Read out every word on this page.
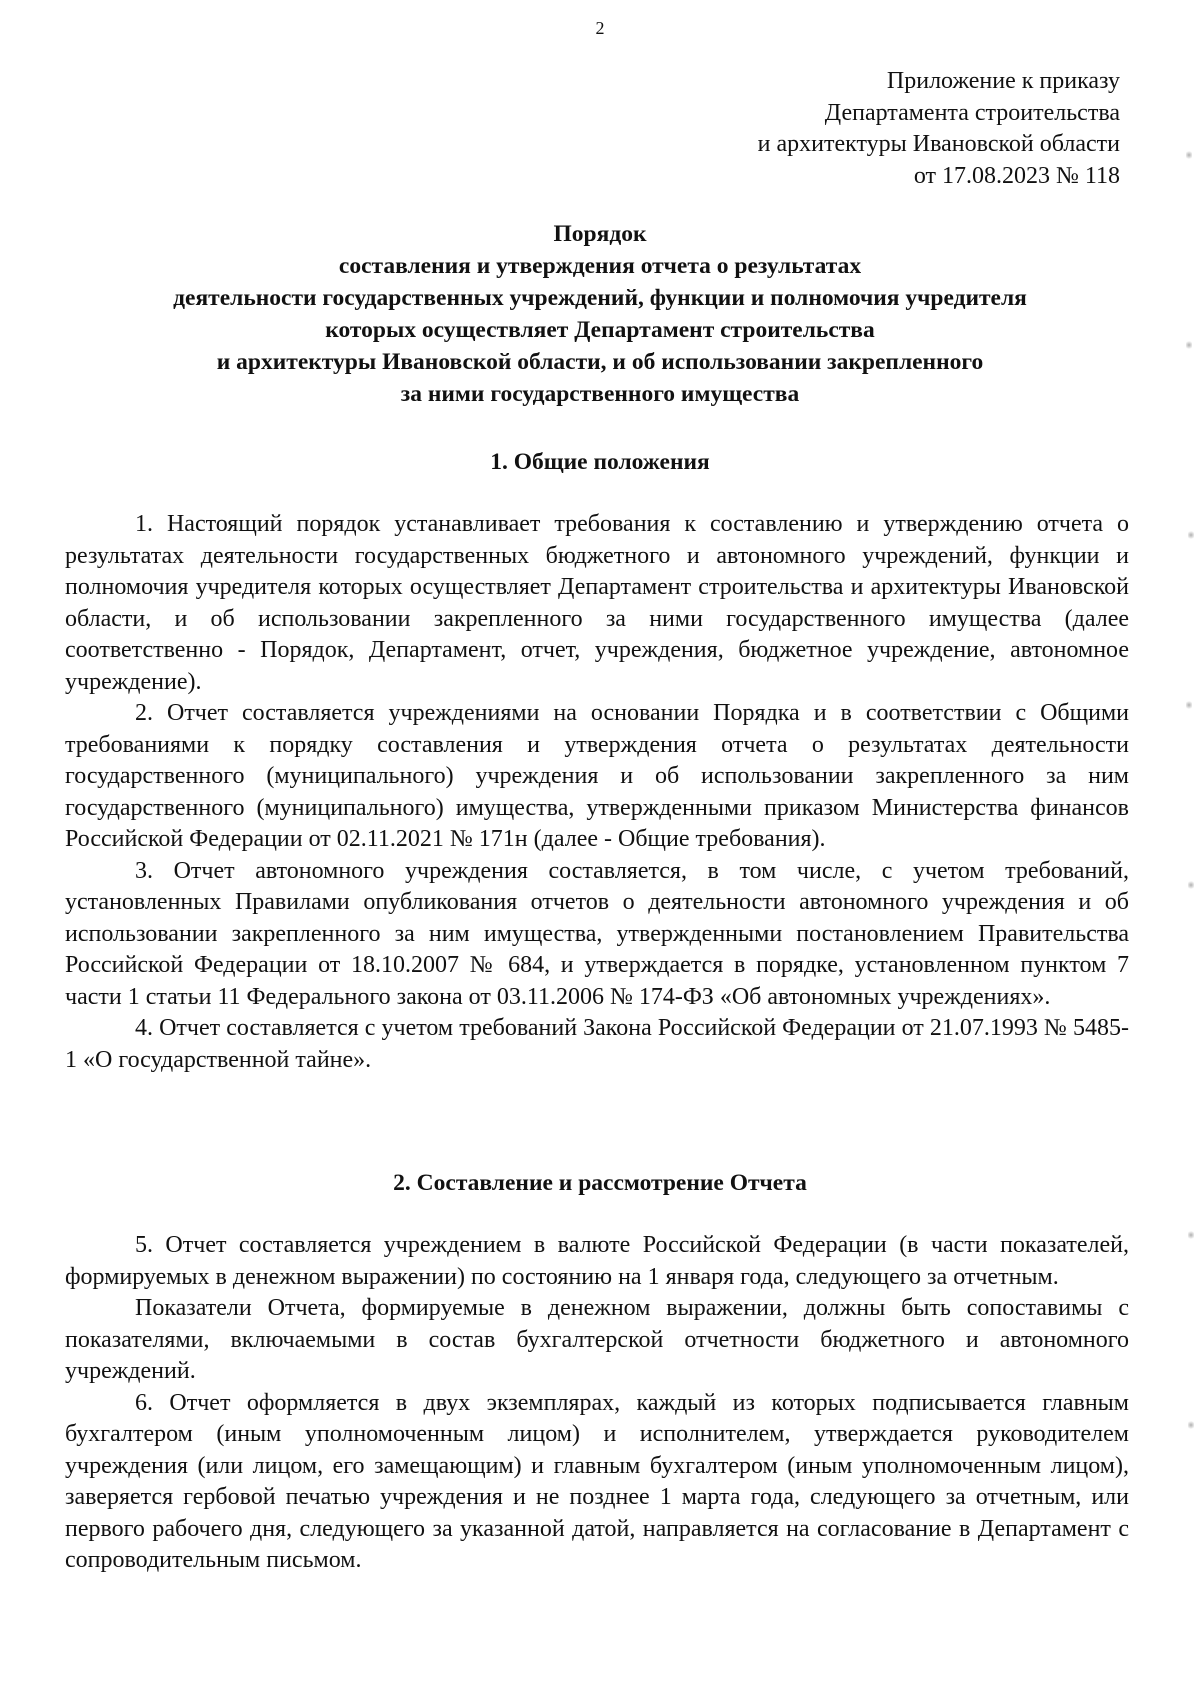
2
Приложение к приказу
Департамента строительства
и архитектуры Ивановской области
от 17.08.2023 № 118
Порядок
составления и утверждения отчета о результатах
деятельности государственных учреждений, функции и полномочия учредителя
которых осуществляет Департамент строительства
и архитектуры Ивановской области, и об использовании закрепленного
за ними государственного имущества
1. Общие положения

1. Настоящий порядок устанавливает требования к составлению и утверждению отчета о результатах деятельности государственных бюджетного и автономного учреждений, функции и полномочия учредителя которых осуществляет Департамент строительства и архитектуры Ивановской области, и об использовании закрепленного за ними государственного имущества (далее соответственно - Порядок, Департамент, отчет, учреждения, бюджетное учреждение, автономное учреждение).

2. Отчет составляется учреждениями на основании Порядка и в соответствии с Общими требованиями к порядку составления и утверждения отчета о результатах деятельности государственного (муниципального) учреждения и об использовании закрепленного за ним государственного (муниципального) имущества, утвержденными приказом Министерства финансов Российской Федерации от 02.11.2021 № 171н (далее - Общие требования).

3. Отчет автономного учреждения составляется, в том числе, с учетом требований, установленных Правилами опубликования отчетов о деятельности автономного учреждения и об использовании закрепленного за ним имущества, утвержденными постановлением Правительства Российской Федерации от 18.10.2007 № 684, и утверждается в порядке, установленном пунктом 7 части 1 статьи 11 Федерального закона от 03.11.2006 № 174-ФЗ «Об автономных учреждениях».

4. Отчет составляется с учетом требований Закона Российской Федерации от 21.07.1993 № 5485-1 «О государственной тайне».

2. Составление и рассмотрение Отчета

5. Отчет составляется учреждением в валюте Российской Федерации (в части показателей, формируемых в денежном выражении) по состоянию на 1 января года, следующего за отчетным.

Показатели Отчета, формируемые в денежном выражении, должны быть сопоставимы с показателями, включаемыми в состав бухгалтерской отчетности бюджетного и автономного учреждений.

6. Отчет оформляется в двух экземплярах, каждый из которых подписывается главным бухгалтером (иным уполномоченным лицом) и исполнителем, утверждается руководителем учреждения (или лицом, его замещающим) и главным бухгалтером (иным уполномоченным лицом), заверяется гербовой печатью учреждения и не позднее 1 марта года, следующего за отчетным, или первого рабочего дня, следующего за указанной датой, направляется на согласование в Департамент с сопроводительным письмом.
